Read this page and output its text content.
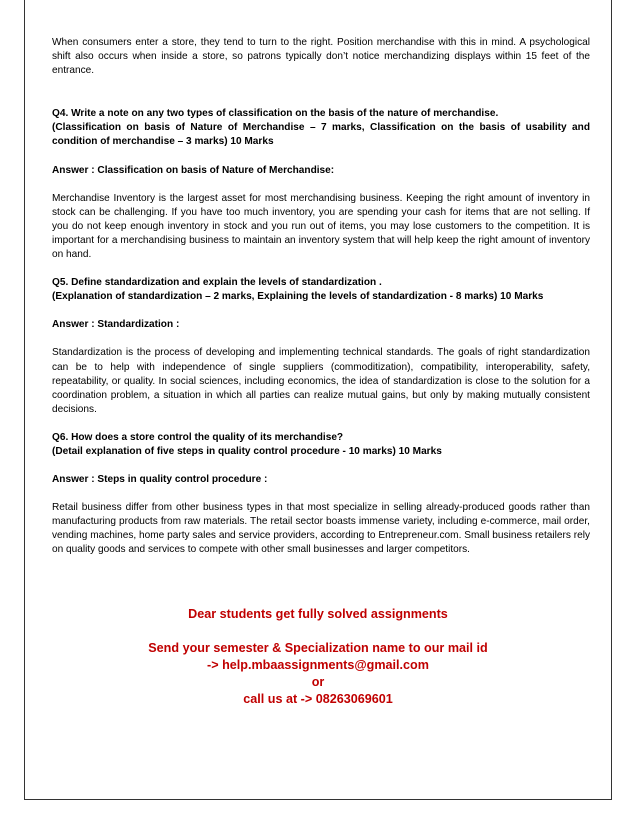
When consumers enter a store, they tend to turn to the right. Position merchandise with this in mind. A psychological shift also occurs when inside a store, so patrons typically don’t notice merchandizing displays within 15 feet of the entrance.

Q4. Write a note on any two types of classification on the basis of the nature of merchandise.

(Classification on basis of Nature of Merchandise – 7 marks, Classification on the basis of usability and condition of merchandise – 3 marks) 10 Marks

Answer : Classification on basis of Nature of Merchandise:

Merchandise Inventory is the largest asset for most merchandising business. Keeping the right amount of inventory in stock can be challenging. If you have too much inventory, you are spending your cash for items that are not selling. If you do not keep enough inventory in stock and you run out of items, you may lose customers to the competition. It is important for a merchandising business to maintain an inventory system that will help keep the right amount of inventory on hand.

Q5. Define standardization and explain the levels of standardization .

(Explanation of standardization – 2 marks, Explaining the levels of standardization - 8 marks) 10 Marks

Answer : Standardization :

Standardization is the process of developing and implementing technical standards. The goals of right standardization can be to help with independence of single suppliers (commoditization), compatibility, interoperability, safety, repeatability, or quality. In social sciences, including economics, the idea of standardization is close to the solution for a coordination problem, a situation in which all parties can realize mutual gains, but only by making mutually consistent decisions.

Q6. How does a store control the quality of its merchandise?

(Detail explanation of five steps in quality control procedure - 10 marks) 10 Marks

Answer : Steps in quality control procedure :

Retail business differ from other business types in that most specialize in selling already-produced goods rather than manufacturing products from raw materials. The retail sector boasts immense variety, including e-commerce, mail order, vending machines, home party sales and service providers, according to Entrepreneur.com. Small business retailers rely on quality goods and services to compete with other small businesses and larger competitors.

Dear students get fully solved assignments
Send your semester & Specialization name to our mail id
-> help.mbaassignments@gmail.com
or
call us at -> 08263069601
